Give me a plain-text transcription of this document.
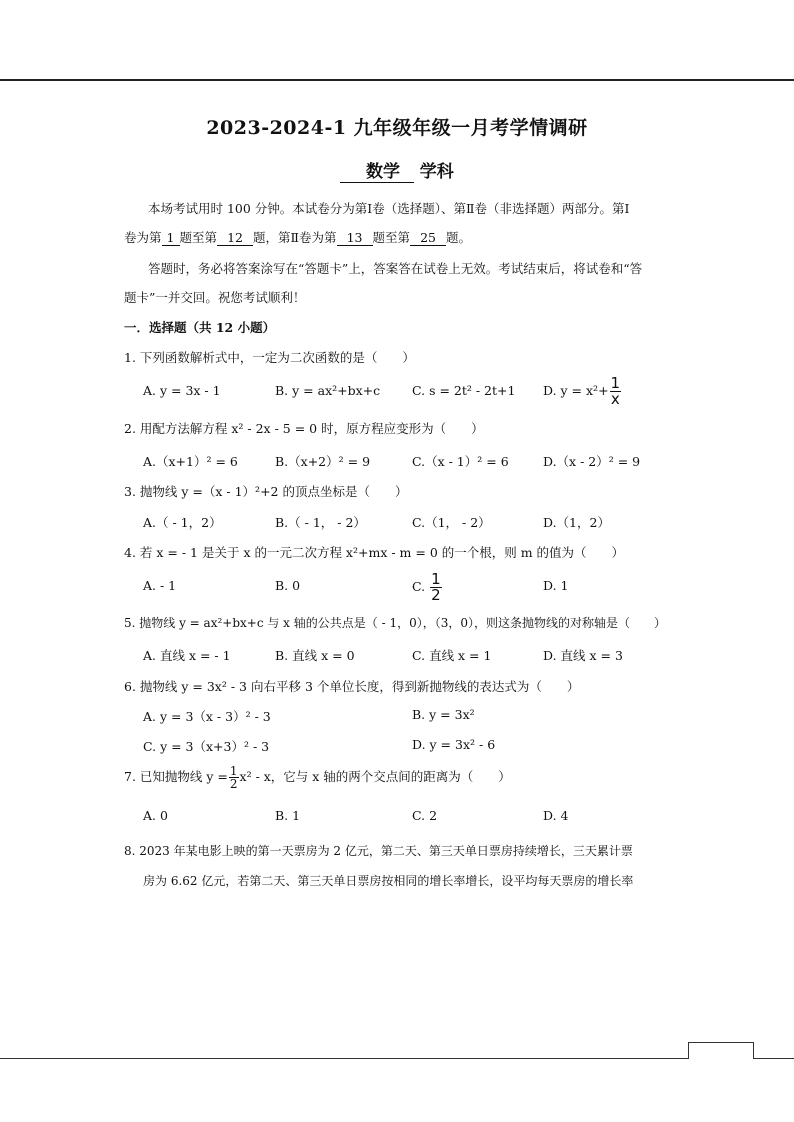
2023-2024-1 九年级年级一月考学情调研
数学 学科
本场考试用时 100 分钟。本试卷分为第Ⅰ卷（选择题）、第Ⅱ卷（非选择题）两部分。第Ⅰ
卷为第 1 题至第 12 题，第Ⅱ卷为第 13 题至第 25 题。
答题时，务必将答案涂写在“答题卡”上，答案答在试卷上无效。考试结束后，将试卷和“答
题卡”一并交回。祝您考试顺利！
一．选择题（共 12 小题）
1. 下列函数解析式中，一定为二次函数的是（　　）
A. y = 3x - 1	B. y = ax²+bx+c	C. s = 2t² - 2t+1 D. $y = x^2+ \frac{1}{x}$
2. 用配方法解方程 x² - 2x - 5 = 0 时，原方程应变形为（　　）
A.（x+1）² = 6	B.（x+2）² = 9	C.（x - 1）² = 6	D.（x - 2）² = 9
3. 抛物线 y =（x - 1）²+2 的顶点坐标是（　　）
A.（ - 1，2）	B.（ - 1， - 2）	C.（1， - 2）	D.（1，2）
4. 若 x = - 1 是关于 x 的一元二次方程 x²+mx - m = 0 的一个根，则 m 的值为（　　）
A. - 1	B. 0	C. $\frac{1}{2}$	D. 1
5. 抛物线 y = ax²+bx+c 与 x 轴的公共点是（ - 1，0），（3，0），则这条抛物线的对称轴是（　　）
A. 直线 x = - 1	B. 直线 x = 0	C. 直线 x = 1	D. 直线 x = 3
6. 抛物线 y = 3x² - 3 向右平移 3 个单位长度，得到新抛物线的表达式为（　　）
A. y = 3（x - 3）² - 3	B. y = 3x²
C. y = 3（x+3）² - 3	D. y = 3x² - 6
7. 已知抛物线 $y = \frac{1}{2} x^2 - x$，它与 x 轴的两个交点间的距离为（　　）
A. 0	B. 1	C. 2	D. 4
8. 2023 年某电影上映的第一天票房为 2 亿元，第二天、第三天单日票房持续增长，三天累计票
房为 6.62 亿元，若第二天、第三天单日票房按相同的增长率增长，设平均每天票房的增长率
